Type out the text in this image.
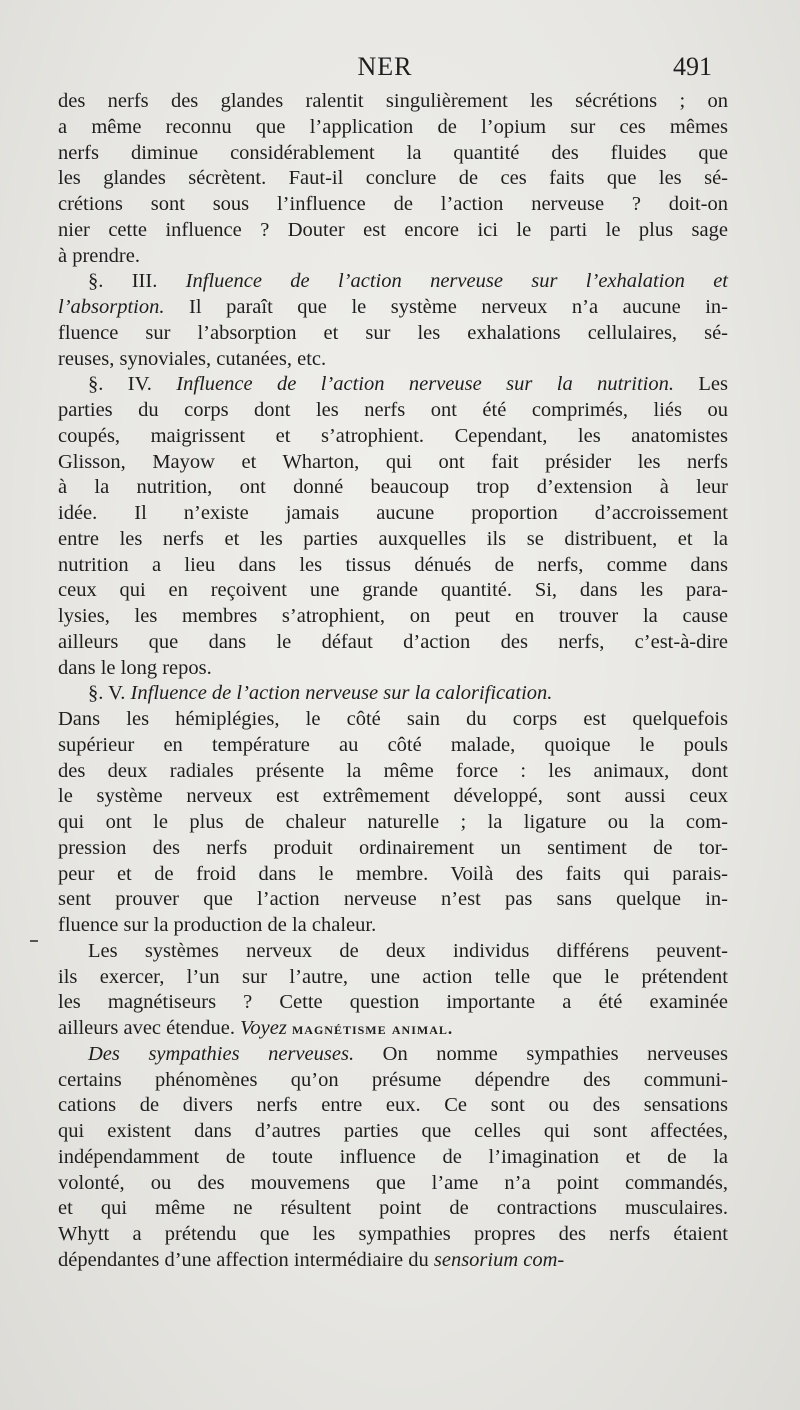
NER	491
des nerfs des glandes ralentit singulièrement les sécrétions ; on
a même reconnu que l’application de l’opium sur ces mêmes
nerfs diminue considérablement la quantité des fluides que
les glandes sécrètent. Faut-il conclure de ces faits que les sé-
crétions sont sous l’influence de l’action nerveuse ? doit-on
nier cette influence ? Douter est encore ici le parti le plus sage
à prendre.
§. III. Influence de l’action nerveuse sur l’exhalation et
l’absorption. Il paraît que le système nerveux n’a aucune in-
fluence sur l’absorption et sur les exhalations cellulaires, sé-
reuses, synoviales, cutanées, etc.
§. IV. Influence de l’action nerveuse sur la nutrition. Les
parties du corps dont les nerfs ont été comprimés, liés ou
coupés, maigrissent et s’atrophient. Cependant, les anatomistes
Glisson, Mayow et Wharton, qui ont fait présider les nerfs
à la nutrition, ont donné beaucoup trop d’extension à leur
idée. Il n’existe jamais aucune proportion d’accroissement
entre les nerfs et les parties auxquelles ils se distribuent, et la
nutrition a lieu dans les tissus dénués de nerfs, comme dans
ceux qui en reçoivent une grande quantité. Si, dans les para-
lysies, les membres s’atrophient, on peut en trouver la cause
ailleurs que dans le défaut d’action des nerfs, c’est-à-dire
dans le long repos.
§. V. Influence de l’action nerveuse sur la calorification.
Dans les hémiplégies, le côté sain du corps est quelquefois
supérieur en température au côté malade, quoique le pouls
des deux radiales présente la même force : les animaux, dont
le système nerveux est extrêmement développé, sont aussi ceux
qui ont le plus de chaleur naturelle ; la ligature ou la com-
pression des nerfs produit ordinairement un sentiment de tor-
peur et de froid dans le membre. Voilà des faits qui parais-
sent prouver que l’action nerveuse n’est pas sans quelque in-
fluence sur la production de la chaleur.
Les systèmes nerveux de deux individus différens peuvent-
ils exercer, l’un sur l’autre, une action telle que le prétendent
les magnétiseurs ? Cette question importante a été examinée
ailleurs avec étendue. Voyez magnétisme animal.
Des sympathies nerveuses. On nomme sympathies nerveuses
certains phénomènes qu’on présume dépendre des communi-
cations de divers nerfs entre eux. Ce sont ou des sensations
qui existent dans d’autres parties que celles qui sont affectées,
indépendamment de toute influence de l’imagination et de la
volonté, ou des mouvemens que l’ame n’a point commandés,
et qui même ne résultent point de contractions musculaires.
Whytt a prétendu que les sympathies propres des nerfs étaient
dépendantes d’une affection intermédiaire du sensorium com-
